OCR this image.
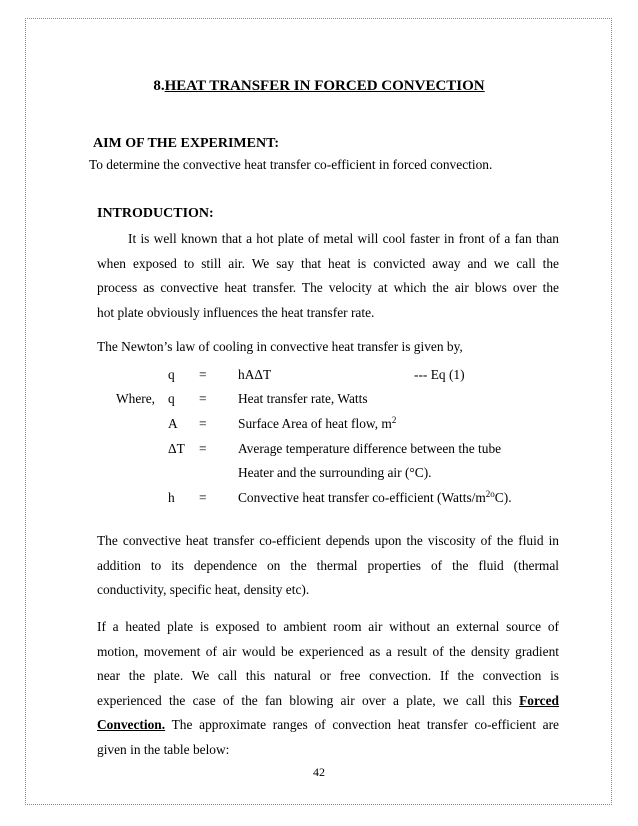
8.HEAT TRANSFER IN FORCED CONVECTION
AIM OF THE EXPERIMENT:
To determine the convective heat transfer co-efficient in forced convection.
INTRODUCTION:
It is well known that a hot plate of metal will cool faster in front of a fan than
when exposed to still air. We say that heat is convicted away and we call the
process as convective heat transfer. The velocity at which the air blows over the
hot plate obviously influences the heat transfer rate.
The Newton’s law of cooling in convective heat transfer is given by,
q = hAΔT	--- Eq (1)
Where, q = Heat transfer rate, Watts
A = Surface Area of heat flow, $m^2$
ΔT = Average temperature difference between the tube
Heater and the surrounding air (°C).
h = Convective heat transfer co-efficient $(Watts/m^{2o}C)$.
The convective heat transfer co-efficient depends upon the viscosity of the fluid in
addition to its dependence on the thermal properties of the fluid (thermal
conductivity, specific heat, density etc).
If a heated plate is exposed to ambient room air without an external source of
motion, movement of air would be experienced as a result of the density gradient
near the plate. We call this natural or free convection. If the convection is
experienced the case of the fan blowing air over a plate, we call this Forced
Convection. The approximate ranges of convection heat transfer co-efficient are
given in the table below:
42
